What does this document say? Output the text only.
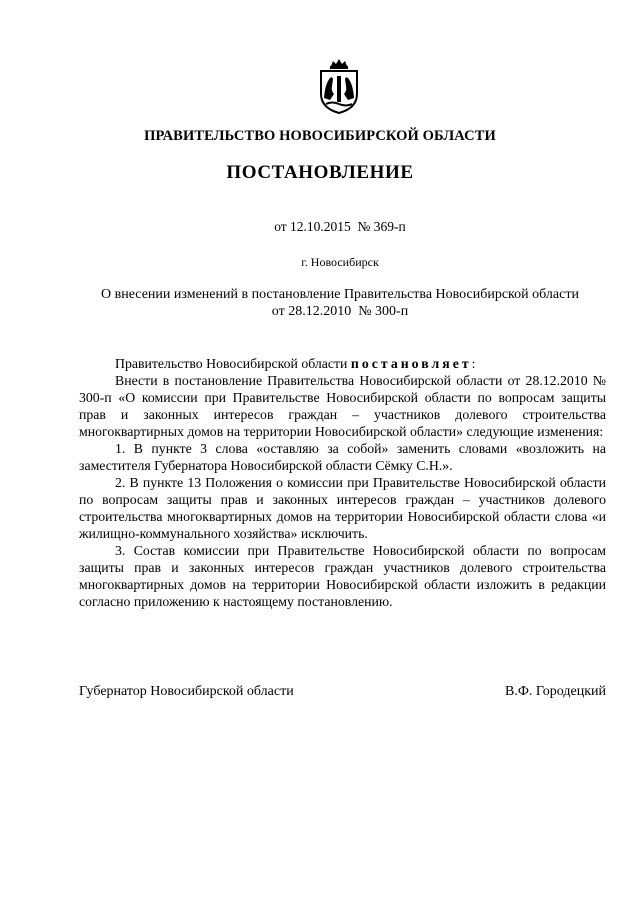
ПРАВИТЕЛЬСТВО НОВОСИБИРСКОЙ ОБЛАСТИ
ПОСТАНОВЛЕНИЕ
от 12.10.2015  № 369-п
г. Новосибирск
О внесении изменений в постановление Правительства Новосибирской области
от 28.12.2010  № 300-п

Правительство Новосибирской области постановляет:

Внести в постановление Правительства Новосибирской области от 28.12.2010 № 300-п «О комиссии при Правительстве Новосибирской области по вопросам защиты прав и законных интересов граждан – участников долевого строительства многоквартирных домов на территории Новосибирской области» следующие изменения:

1. В пункте 3 слова «оставляю за собой» заменить словами «возложить на заместителя Губернатора Новосибирской области Сёмку С.Н.».

2. В пункте 13 Положения о комиссии при Правительстве Новосибирской области по вопросам защиты прав и законных интересов граждан – участников долевого строительства многоквартирных домов на территории Новосибирской области слова «и жилищно-коммунального хозяйства» исключить.

3. Состав комиссии при Правительстве Новосибирской области по вопросам защиты прав и законных интересов граждан участников долевого строительства многоквартирных домов на территории Новосибирской области изложить в редакции согласно приложению к настоящему постановлению.

Губернатор Новосибирской области	В.Ф. Городецкий
